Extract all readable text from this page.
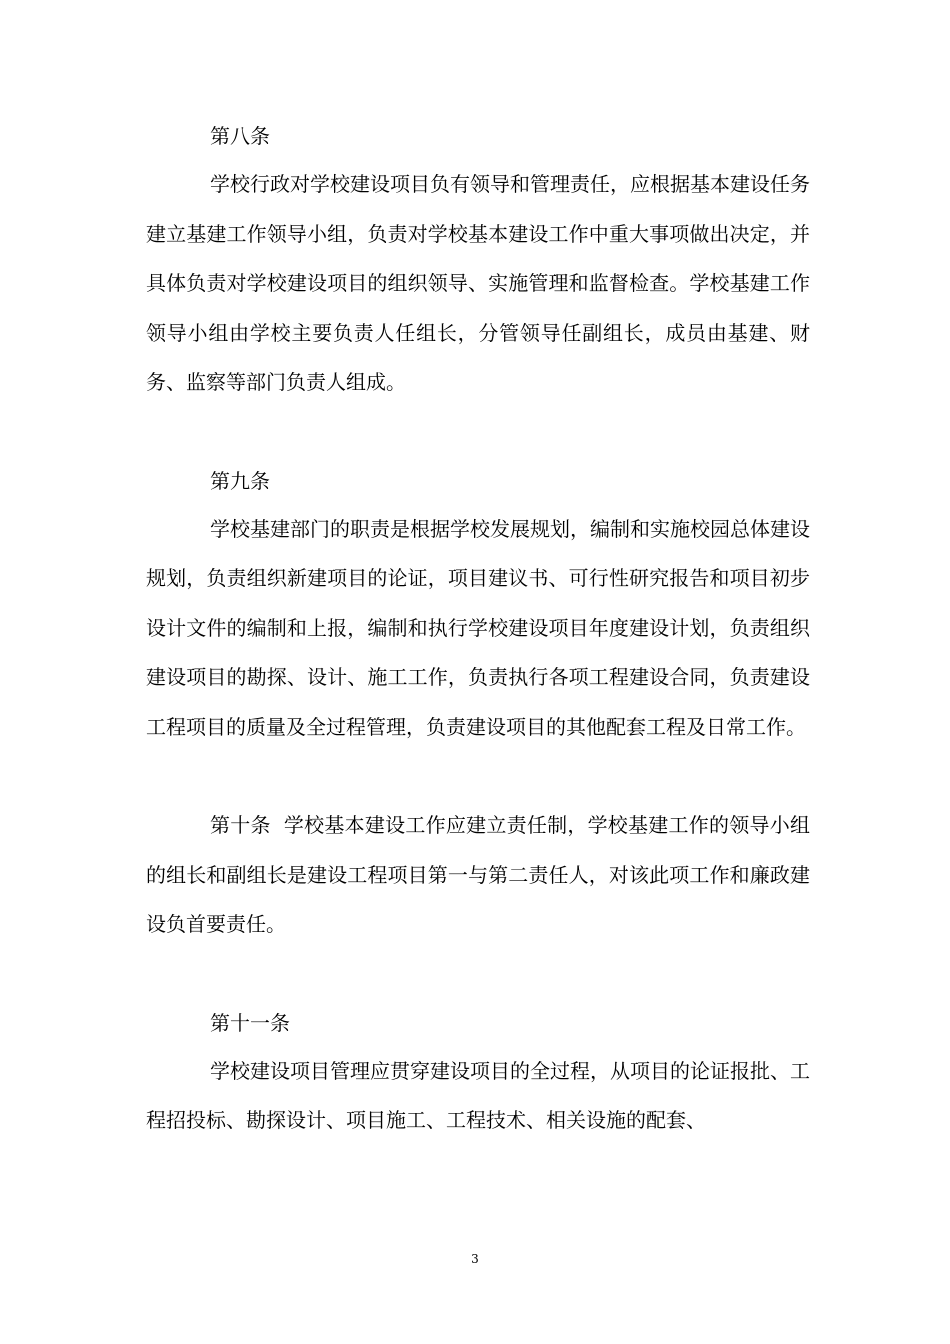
第八条

学校行政对学校建设项目负有领导和管理责任，应根据基本建设任务建立基建工作领导小组，负责对学校基本建设工作中重大事项做出决定，并具体负责对学校建设项目的组织领导、实施管理和监督检查。学校基建工作领导小组由学校主要负责人任组长，分管领导任副组长，成员由基建、财务、监察等部门负责人组成。

第九条

学校基建部门的职责是根据学校发展规划，编制和实施校园总体建设规划，负责组织新建项目的论证，项目建议书、可行性研究报告和项目初步设计文件的编制和上报，编制和执行学校建设项目年度建设计划，负责组织建设项目的勘探、设计、施工工作，负责执行各项工程建设合同，负责建设工程项目的质量及全过程管理，负责建设项目的其他配套工程及日常工作。

第十条  学校基本建设工作应建立责任制，学校基建工作的领导小组的组长和副组长是建设工程项目第一与第二责任人，对该此项工作和廉政建设负首要责任。

第十一条

学校建设项目管理应贯穿建设项目的全过程，从项目的论证报批、工程招投标、勘探设计、项目施工、工程技术、相关设施的配套、

3
